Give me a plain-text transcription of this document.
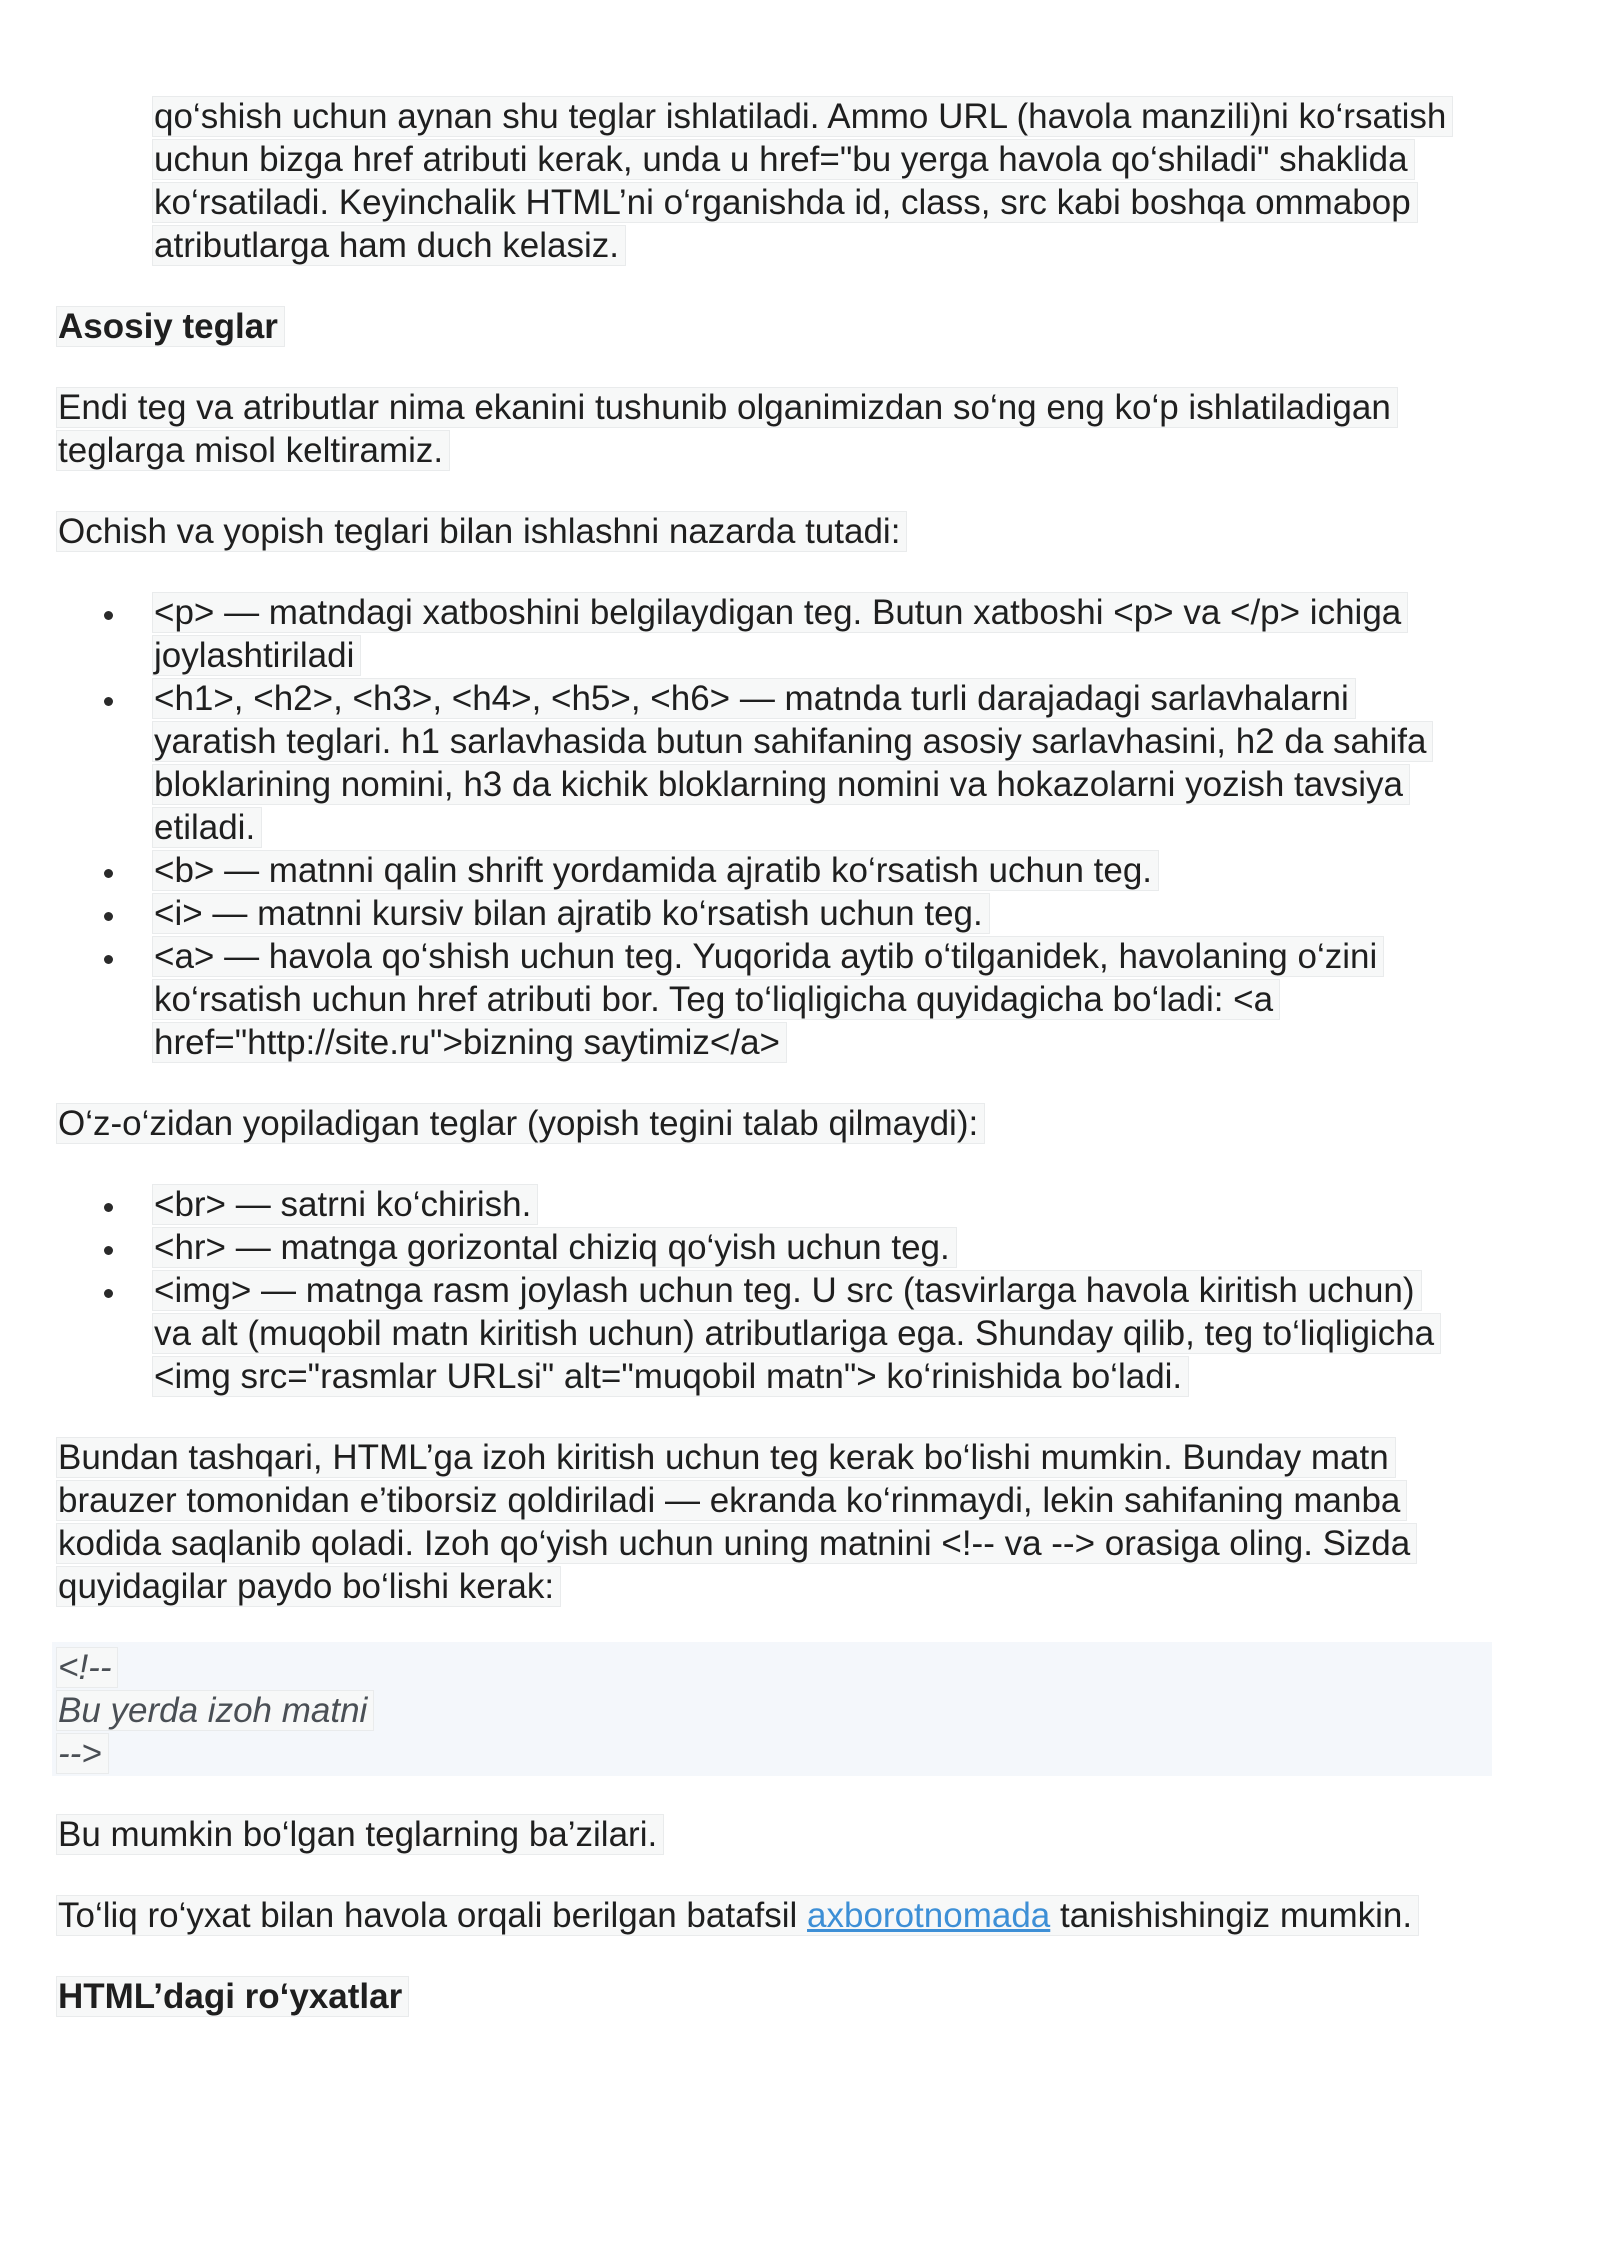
qo‘shish uchun aynan shu teglar ishlatiladi. Ammo URL (havola manzili)ni ko‘rsatish
uchun bizga href atributi kerak, unda u href="bu yerga havola qo‘shiladi" shaklida
ko‘rsatiladi. Keyinchalik HTML’ni o‘rganishda id, class, src kabi boshqa ommabop
atributlarga ham duch kelasiz.
Asosiy teglar
Endi teg va atributlar nima ekanini tushunib olganimizdan so‘ng eng ko‘p ishlatiladigan
teglarga misol keltiramiz.
Ochish va yopish teglari bilan ishlashni nazarda tutadi:
<p> — matndagi xatboshini belgilaydigan teg. Butun xatboshi <p> va </p> ichiga
joylashtiriladi
<h1>, <h2>, <h3>, <h4>, <h5>, <h6> — matnda turli darajadagi sarlavhalarni
yaratish teglari. h1 sarlavhasida butun sahifaning asosiy sarlavhasini, h2 da sahifa
bloklarining nomini, h3 da kichik bloklarning nomini va hokazolarni yozish tavsiya
etiladi.
<b> — matnni qalin shrift yordamida ajratib ko‘rsatish uchun teg.
<i> — matnni kursiv bilan ajratib ko‘rsatish uchun teg.
<a> — havola qo‘shish uchun teg. Yuqorida aytib o‘tilganidek, havolaning o‘zini
ko‘rsatish uchun href atributi bor. Teg to‘liqligicha quyidagicha bo‘ladi: <a
href="http://site.ru">bizning saytimiz</a>
O‘z-o‘zidan yopiladigan teglar (yopish tegini talab qilmaydi):
<br> — satrni ko‘chirish.
<hr> — matnga gorizontal chiziq qo‘yish uchun teg.
<img> — matnga rasm joylash uchun teg. U src (tasvirlarga havola kiritish uchun)
va alt (muqobil matn kiritish uchun) atributlariga ega. Shunday qilib, teg to‘liqligicha
<img src="rasmlar URLsi" alt="muqobil matn"> ko‘rinishida bo‘ladi.
Bundan tashqari, HTML’ga izoh kiritish uchun teg kerak bo‘lishi mumkin. Bunday matn
brauzer tomonidan e’tiborsiz qoldiriladi — ekranda ko‘rinmaydi, lekin sahifaning manba
kodida saqlanib qoladi. Izoh qo‘yish uchun uning matnini <!-- va --> orasiga oling. Sizda
quyidagilar paydo bo‘lishi kerak:
<!--
Bu yerda izoh matni
-->
Bu mumkin bo‘lgan teglarning ba’zilari.
To‘liq ro‘yxat bilan havola orqali berilgan batafsil axborotnomada tanishishingiz mumkin.
HTML’dagi ro‘yxatlar
